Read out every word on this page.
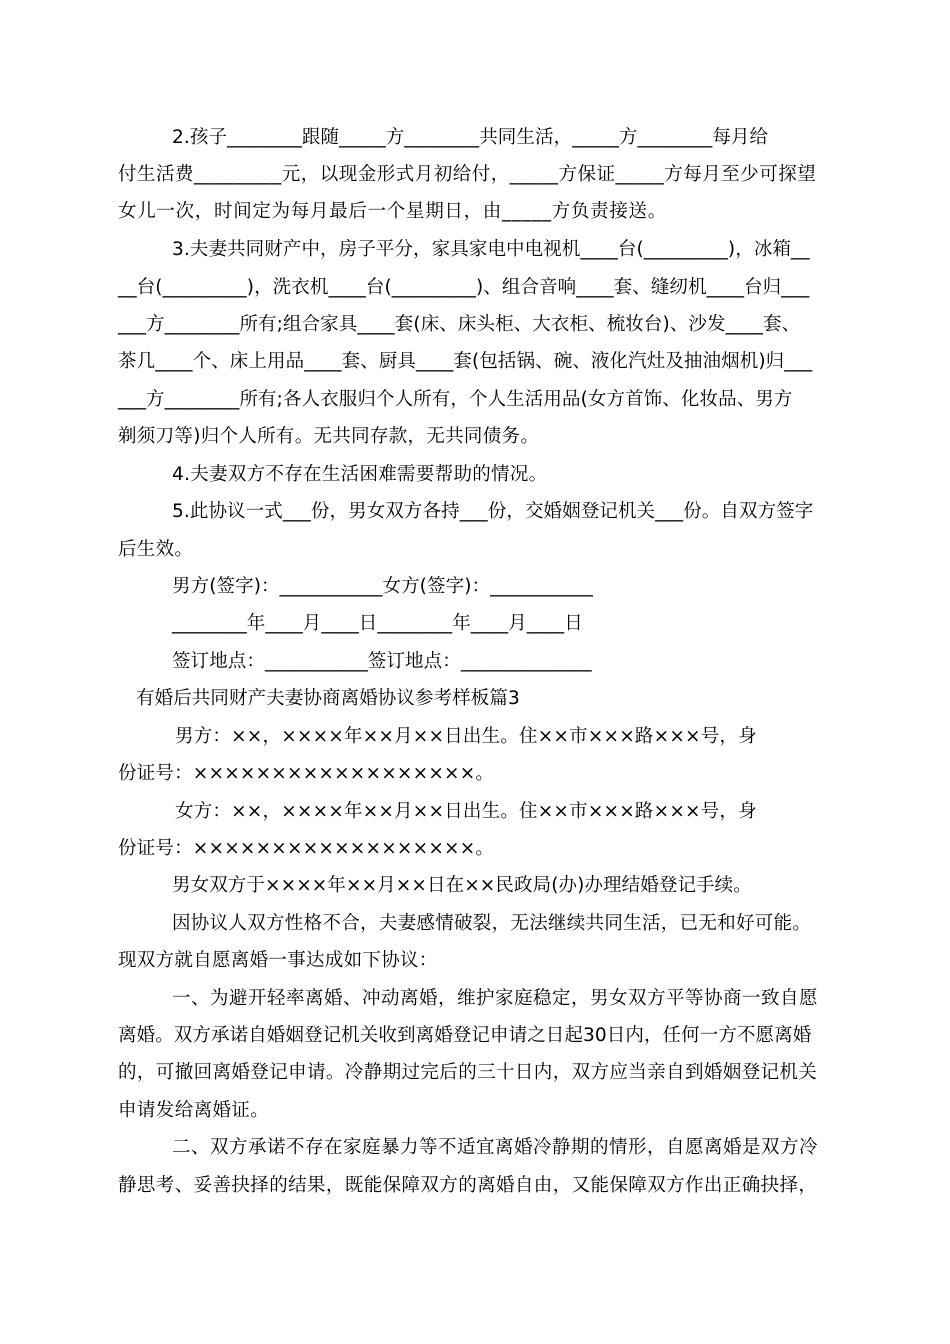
2.孩子________跟随_____方________共同生活，_____方________每月给
付生活费_________元，以现金形式月初给付，_____方保证_____方每月至少可探望
女儿一次，时间定为每月最后一个星期日，由_____方负责接送。
3.夫妻共同财产中，房子平分，家具家电中电视机____台(_________)，冰箱__
__台(_________)，洗衣机____台(_________)、组合音响____套、缝纫机____台归___
___方________所有;组合家具____套(床、床头柜、大衣柜、梳妆台)、沙发____套、
茶几____个、床上用品____套、厨具____套(包括锅、碗、液化汽灶及抽油烟机)归___
___方________所有;各人衣服归个人所有，个人生活用品(女方首饰、化妆品、男方
剃须刀等)归个人所有。无共同存款，无共同债务。
4.夫妻双方不存在生活困难需要帮助的情况。
5.此协议一式___份，男女双方各持___份，交婚姻登记机关___份。自双方签字
后生效。
男方(签字)：___________女方(签字)：___________
________年____月____日________年____月____日
签订地点：___________签订地点：______________
有婚后共同财产夫妻协商离婚协议参考样板篇3
男方：××，××××年××月××日出生。住××市×××路×××号，身
份证号：××××××××××××××××××。
女方：××，××××年××月××日出生。住××市×××路×××号，身
份证号：××××××××××××××××××。
男女双方于××××年××月××日在××民政局(办)办理结婚登记手续。
因协议人双方性格不合，夫妻感情破裂，无法继续共同生活，已无和好可能。
现双方就自愿离婚一事达成如下协议：
一、为避开轻率离婚、冲动离婚，维护家庭稳定，男女双方平等协商一致自愿
离婚。双方承诺自婚姻登记机关收到离婚登记申请之日起30日内，任何一方不愿离婚
的，可撤回离婚登记申请。冷静期过完后的三十日内，双方应当亲自到婚姻登记机关
申请发给离婚证。
二、双方承诺不存在家庭暴力等不适宜离婚冷静期的情形，自愿离婚是双方冷
静思考、妥善抉择的结果，既能保障双方的离婚自由，又能保障双方作出正确抉择，
